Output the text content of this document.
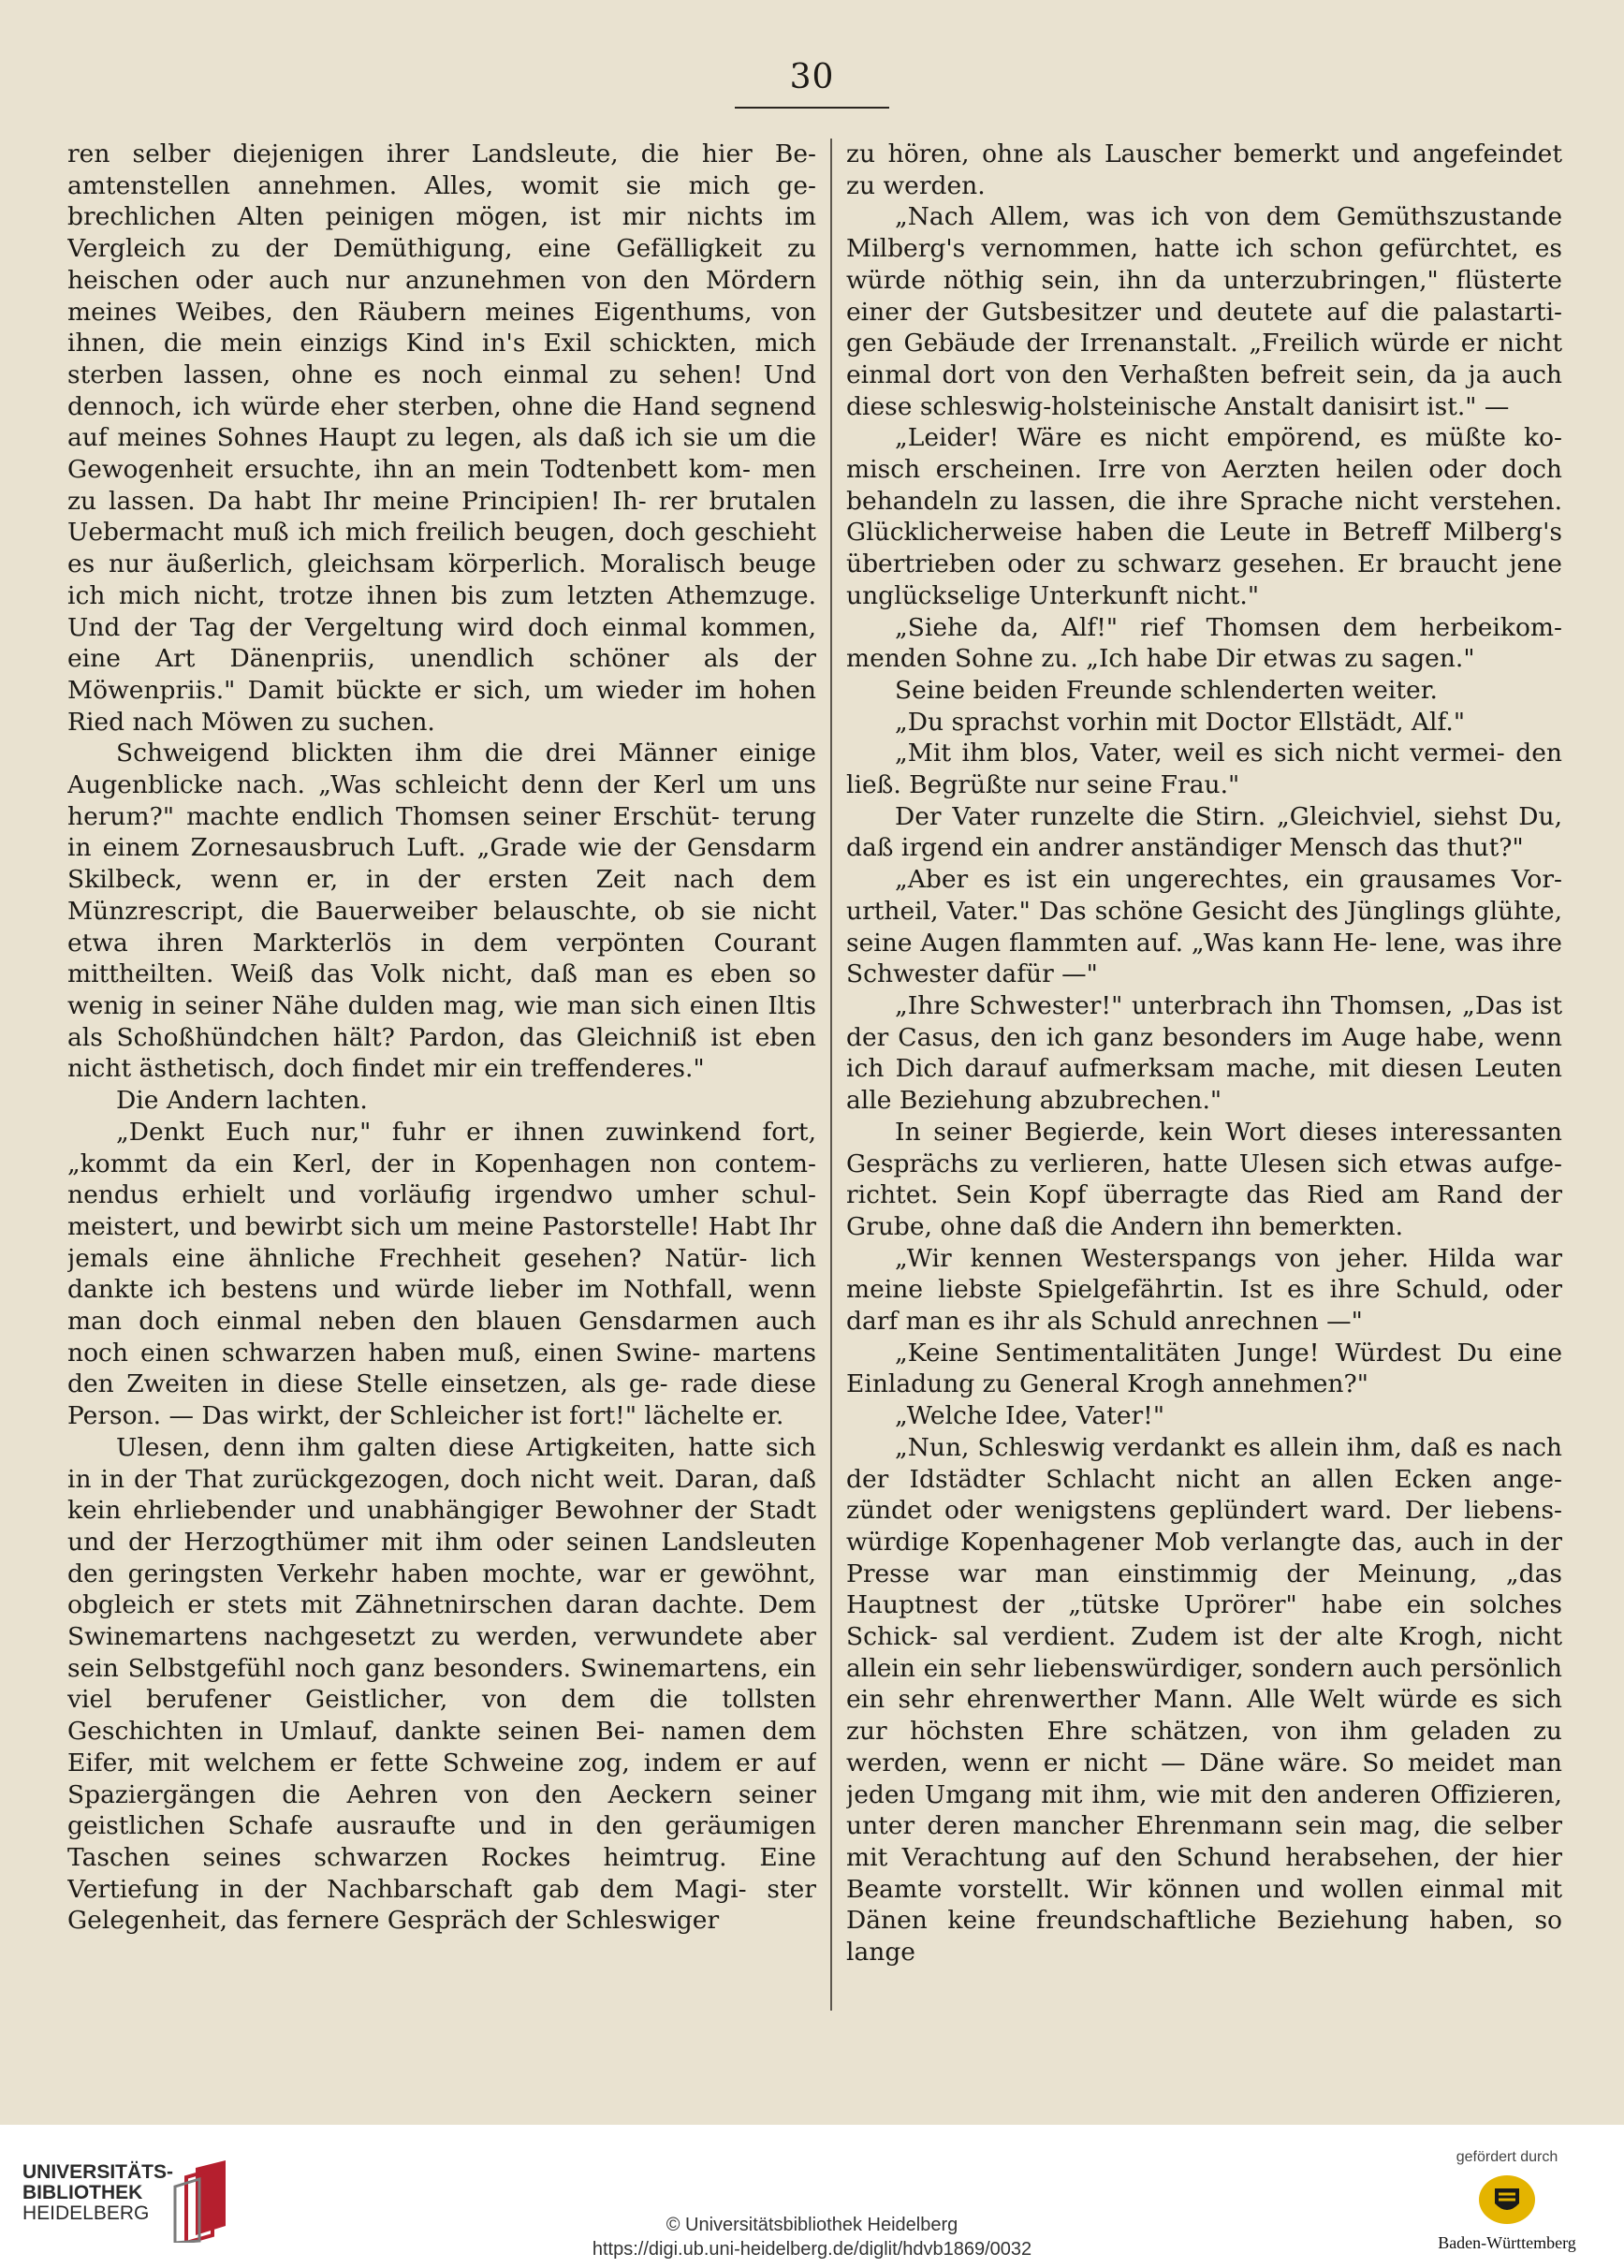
30

ren selber diejenigen ihrer Landsleute, die hier Be- amtenstellen annehmen. Alles, womit sie mich ge- brechlichen Alten peinigen mögen, ist mir nichts im Vergleich zu der Demüthigung, eine Gefälligkeit zu heischen oder auch nur anzunehmen von den Mördern meines Weibes, den Räubern meines Eigenthums, von ihnen, die mein einzigs Kind in's Exil schickten, mich sterben lassen, ohne es noch einmal zu sehen! Und dennoch, ich würde eher sterben, ohne die Hand segnend auf meines Sohnes Haupt zu legen, als daß ich sie um die Gewogenheit ersuchte, ihn an mein Todtenbett kom- men zu lassen. Da habt Ihr meine Principien! Ih- rer brutalen Uebermacht muß ich mich freilich beugen, doch geschieht es nur äußerlich, gleichsam körperlich. Moralisch beuge ich mich nicht, trotze ihnen bis zum letzten Athemzuge. Und der Tag der Vergeltung wird doch einmal kommen, eine Art Dänenpriis, unendlich schöner als der Möwenpriis." Damit bückte er sich, um wieder im hohen Ried nach Möwen zu suchen.

Schweigend blickten ihm die drei Männer einige Augenblicke nach. „Was schleicht denn der Kerl um uns herum?" machte endlich Thomsen seiner Erschüt- terung in einem Zornesausbruch Luft. „Grade wie der Gensdarm Skilbeck, wenn er, in der ersten Zeit nach dem Münzrescript, die Bauerweiber belauschte, ob sie nicht etwa ihren Markterlös in dem verpönten Courant mittheilten. Weiß das Volk nicht, daß man es eben so wenig in seiner Nähe dulden mag, wie man sich einen Iltis als Schoßhündchen hält? Pardon, das Gleichniß ist eben nicht ästhetisch, doch findet mir ein treffenderes."

Die Andern lachten.

„Denkt Euch nur," fuhr er ihnen zuwinkend fort, „kommt da ein Kerl, der in Kopenhagen non contem- nendus erhielt und vorläufig irgendwo umher schul- meistert, und bewirbt sich um meine Pastorstelle! Habt Ihr jemals eine ähnliche Frechheit gesehen? Natür- lich dankte ich bestens und würde lieber im Nothfall, wenn man doch einmal neben den blauen Gensdarmen auch noch einen schwarzen haben muß, einen Swine- martens den Zweiten in diese Stelle einsetzen, als ge- rade diese Person. — Das wirkt, der Schleicher ist fort!" lächelte er.

Ulesen, denn ihm galten diese Artigkeiten, hatte sich in in der That zurückgezogen, doch nicht weit. Daran, daß kein ehrliebender und unabhängiger Bewohner der Stadt und der Herzogthümer mit ihm oder seinen Landsleuten den geringsten Verkehr haben mochte, war er gewöhnt, obgleich er stets mit Zähnetnirschen daran dachte. Dem Swinemartens nachgesetzt zu werden, verwundete aber sein Selbstgefühl noch ganz besonders. Swinemartens, ein viel berufener Geistlicher, von dem die tollsten Geschichten in Umlauf, dankte seinen Bei- namen dem Eifer, mit welchem er fette Schweine zog, indem er auf Spaziergängen die Aehren von den Aeckern seiner geistlichen Schafe ausraufte und in den geräumigen Taschen seines schwarzen Rockes heimtrug. Eine Vertiefung in der Nachbarschaft gab dem Magi- ster Gelegenheit, das fernere Gespräch der Schleswiger

zu hören, ohne als Lauscher bemerkt und angefeindet zu werden.

„Nach Allem, was ich von dem Gemüthszustande Milberg's vernommen, hatte ich schon gefürchtet, es würde nöthig sein, ihn da unterzubringen," flüsterte einer der Gutsbesitzer und deutete auf die palastarti- gen Gebäude der Irrenanstalt. „Freilich würde er nicht einmal dort von den Verhaßten befreit sein, da ja auch diese schleswig-holsteinische Anstalt danisirt ist." —

„Leider! Wäre es nicht empörend, es müßte ko- misch erscheinen. Irre von Aerzten heilen oder doch behandeln zu lassen, die ihre Sprache nicht verstehen. Glücklicherweise haben die Leute in Betreff Milberg's übertrieben oder zu schwarz gesehen. Er braucht jene unglückselige Unterkunft nicht."

„Siehe da, Alf!" rief Thomsen dem herbeikom- menden Sohne zu. „Ich habe Dir etwas zu sagen."

Seine beiden Freunde schlenderten weiter.

„Du sprachst vorhin mit Doctor Ellstädt, Alf."

„Mit ihm blos, Vater, weil es sich nicht vermei- den ließ. Begrüßte nur seine Frau."

Der Vater runzelte die Stirn. „Gleichviel, siehst Du, daß irgend ein andrer anständiger Mensch das thut?"

„Aber es ist ein ungerechtes, ein grausames Vor- urtheil, Vater." Das schöne Gesicht des Jünglings glühte, seine Augen flammten auf. „Was kann He- lene, was ihre Schwester dafür —"

„Ihre Schwester!" unterbrach ihn Thomsen, „Das ist der Casus, den ich ganz besonders im Auge habe, wenn ich Dich darauf aufmerksam mache, mit diesen Leuten alle Beziehung abzubrechen."

In seiner Begierde, kein Wort dieses interessanten Gesprächs zu verlieren, hatte Ulesen sich etwas aufge- richtet. Sein Kopf überragte das Ried am Rand der Grube, ohne daß die Andern ihn bemerkten.

„Wir kennen Westerspangs von jeher. Hilda war meine liebste Spielgefährtin. Ist es ihre Schuld, oder darf man es ihr als Schuld anrechnen —"

„Keine Sentimentalitäten Junge! Würdest Du eine Einladung zu General Krogh annehmen?"

„Welche Idee, Vater!"

„Nun, Schleswig verdankt es allein ihm, daß es nach der Idstädter Schlacht nicht an allen Ecken ange- zündet oder wenigstens geplündert ward. Der liebens- würdige Kopenhagener Mob verlangte das, auch in der Presse war man einstimmig der Meinung, „das Hauptnest der „tütske Uprörer" habe ein solches Schick- sal verdient. Zudem ist der alte Krogh, nicht allein ein sehr liebenswürdiger, sondern auch persönlich ein sehr ehrenwerther Mann. Alle Welt würde es sich zur höchsten Ehre schätzen, von ihm geladen zu werden, wenn er nicht — Däne wäre. So meidet man jeden Umgang mit ihm, wie mit den anderen Offizieren, unter deren mancher Ehrenmann sein mag, die selber mit Verachtung auf den Schund herabsehen, der hier Beamte vorstellt. Wir können und wollen einmal mit Dänen keine freundschaftliche Beziehung haben, so lange

UNIVERSITÄTS-
BIBLIOTHEK
HEIDELBERG
© Universitätsbibliothek Heidelberg
https://digi.ub.uni-heidelberg.de/diglit/hdvb1869/0032
gefördert durch
Baden-Württemberg
